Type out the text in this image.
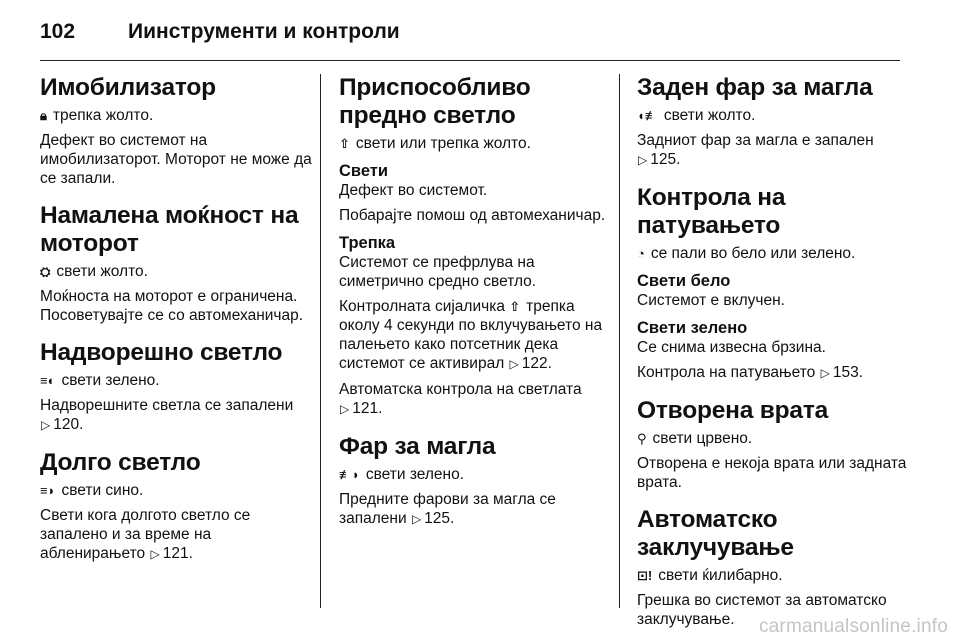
102	Иинструменти и контроли
Имобилизатор

🔒︎ трепка жолто.

Дефект во системот на имобилизаторот. Моторот не може да се запали.

Намалена моќност на моторот

⛭ свети жолто.

Моќноста на моторот е ограничена. Посоветувајте се со автомеханичар.

Надворешно светло

≡◐ свети зелено.

Надворешните светла се запалени
▷ 120.

Долго светло

≡◗ свети сино.

Свети кога долгото светло се запалено и за време на абленирањето ▷ 121.

Приспособливо предно светло

⇧ свети или трепка жолто.

Свети

Дефект во системот.

Побарајте помош од автомеханичар.

Трепка

Системот се префрлува на симетрично средно светло.

Контролната сијаличка ⇧ трепка околу 4 секунди по вклучувањето на палењето како потсетник дека системот се активирал ▷ 122.

Автоматска контрола на светлата
▷ 121.

Фар за магла

≢◗ свети зелено.

Предните фарови за магла се запалени ▷ 125.

Заден фар за магла

◖≢ свети жолто.

Задниот фар за магла е запален
▷ 125.

Контрола на патувањето

◔ се пали во бело или зелено.

Свети бело

Системот е вклучен.

Свети зелено

Се снима извесна брзина.

Контрола на патувањето ▷ 153.

Отворена врата

⚲ свети црвено.

Отворена е некоја врата или задната врата.

Автоматско заклучување

⊡! свети ќилибарно.

Грешка во системот за автоматско заклучување.	carmanualsonline.info
